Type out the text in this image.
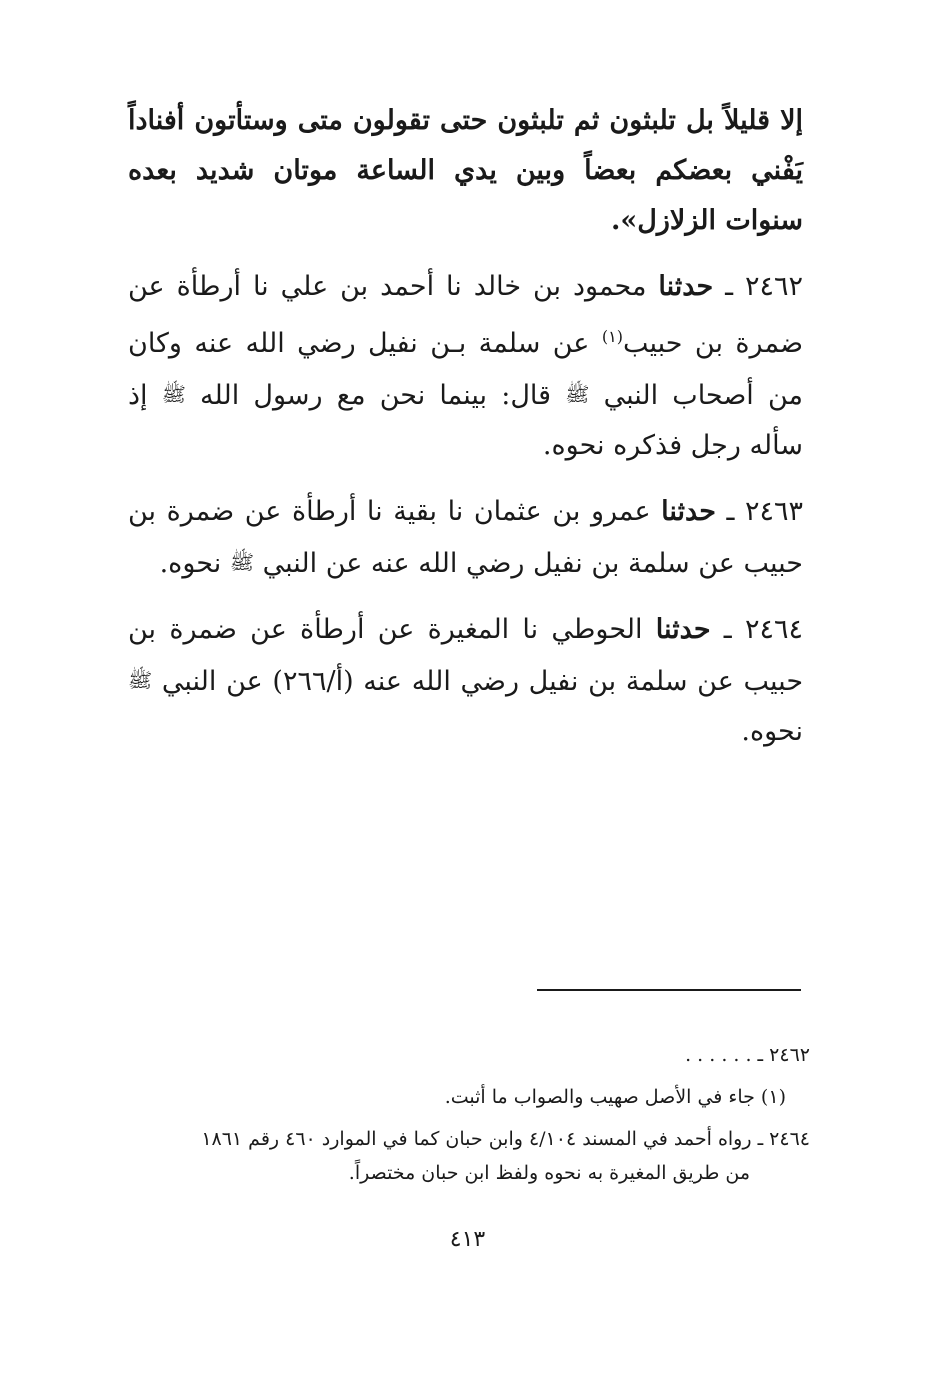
إلا قليلاً بل تلبثون ثم تلبثون حتى تقولون متى وستأتون أفناداً يَفْني بعضكم بعضاً وبين يدي الساعة موتان شديد بعده سنوات الزلازل».

٢٤٦٢ ـ حدثنا محمود بن خالد نا أحمد بن علي نا أرطأة عن ضمرة بن حبيب$^{(١)}$ عن سلمة بـن نفيل رضي الله عنه وكان من أصحاب النبي ﷺ قال: بينما نحن مع رسول الله ﷺ إذ سأله رجل فذكره نحوه.

٢٤٦٣ ـ حدثنا عمرو بن عثمان نا بقية نا أرطأة عن ضمرة بن حبيب عن سلمة بن نفيل رضي الله عنه عن النبي ﷺ نحوه.

٢٤٦٤ ـ حدثنا الحوطي نا المغيرة عن أرطأة عن ضمرة بن حبيب عن سلمة بن نفيل رضي الله عنه (أ/٢٦٦) عن النبي ﷺ نحوه.

٢٤٦٢ ـ . . . . . .

(١) جاء في الأصل صهيب والصواب ما أثبت.

٢٤٦٤ ـ رواه أحمد في المسند ٤/١٠٤ وابن حبان كما في الموارد ٤٦٠ رقم ١٨٦١

من طريق المغيرة به نحوه ولفظ ابن حبان مختصراً.

٤١٣
